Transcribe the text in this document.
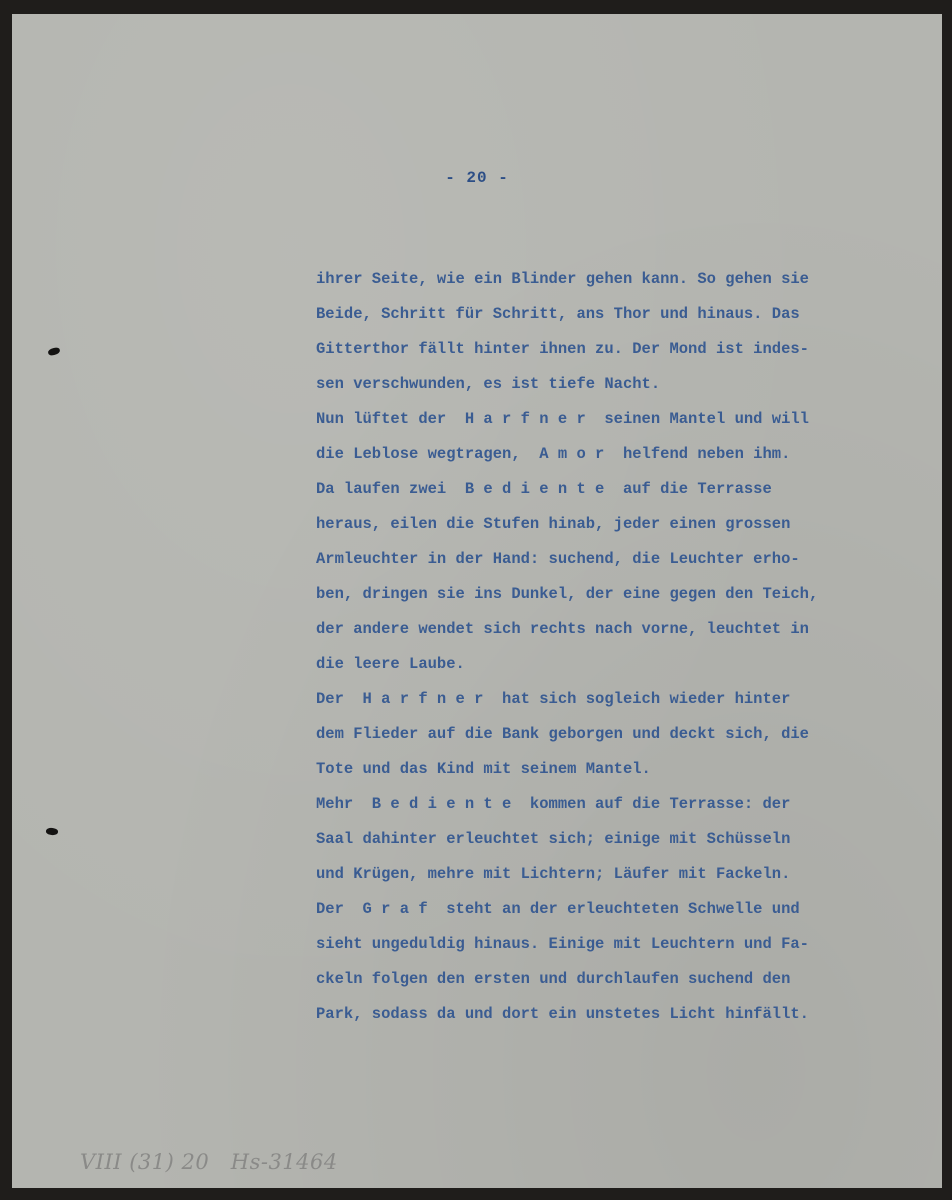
- 20 -
ihrer Seite, wie ein Blinder gehen kann. So gehen sie
Beide, Schritt für Schritt, ans Thor und hinaus. Das
Gitterthor fällt hinter ihnen zu. Der Mond ist indes-
sen verschwunden, es ist tiefe Nacht.
Nun lüftet der  H a r f n e r  seinen Mantel und will
die Leblose wegtragen,  A m o r  helfend neben ihm.
Da laufen zwei  B e d i e n t e  auf die Terrasse
heraus, eilen die Stufen hinab, jeder einen grossen
Armleuchter in der Hand: suchend, die Leuchter erho-
ben, dringen sie ins Dunkel, der eine gegen den Teich,
der andere wendet sich rechts nach vorne, leuchtet in
die leere Laube.
Der  H a r f n e r  hat sich sogleich wieder hinter
dem Flieder auf die Bank geborgen und deckt sich, die
Tote und das Kind mit seinem Mantel.
Mehr  B e d i e n t e  kommen auf die Terrasse: der
Saal dahinter erleuchtet sich; einige mit Schüsseln
und Krügen, mehre mit Lichtern; Läufer mit Fackeln.
Der  G r a f  steht an der erleuchteten Schwelle und
sieht ungeduldig hinaus. Einige mit Leuchtern und Fa-
ckeln folgen den ersten und durchlaufen suchend den
Park, sodass da und dort ein unstetes Licht hinfällt.
VIII (31) 20   Hs-31464
